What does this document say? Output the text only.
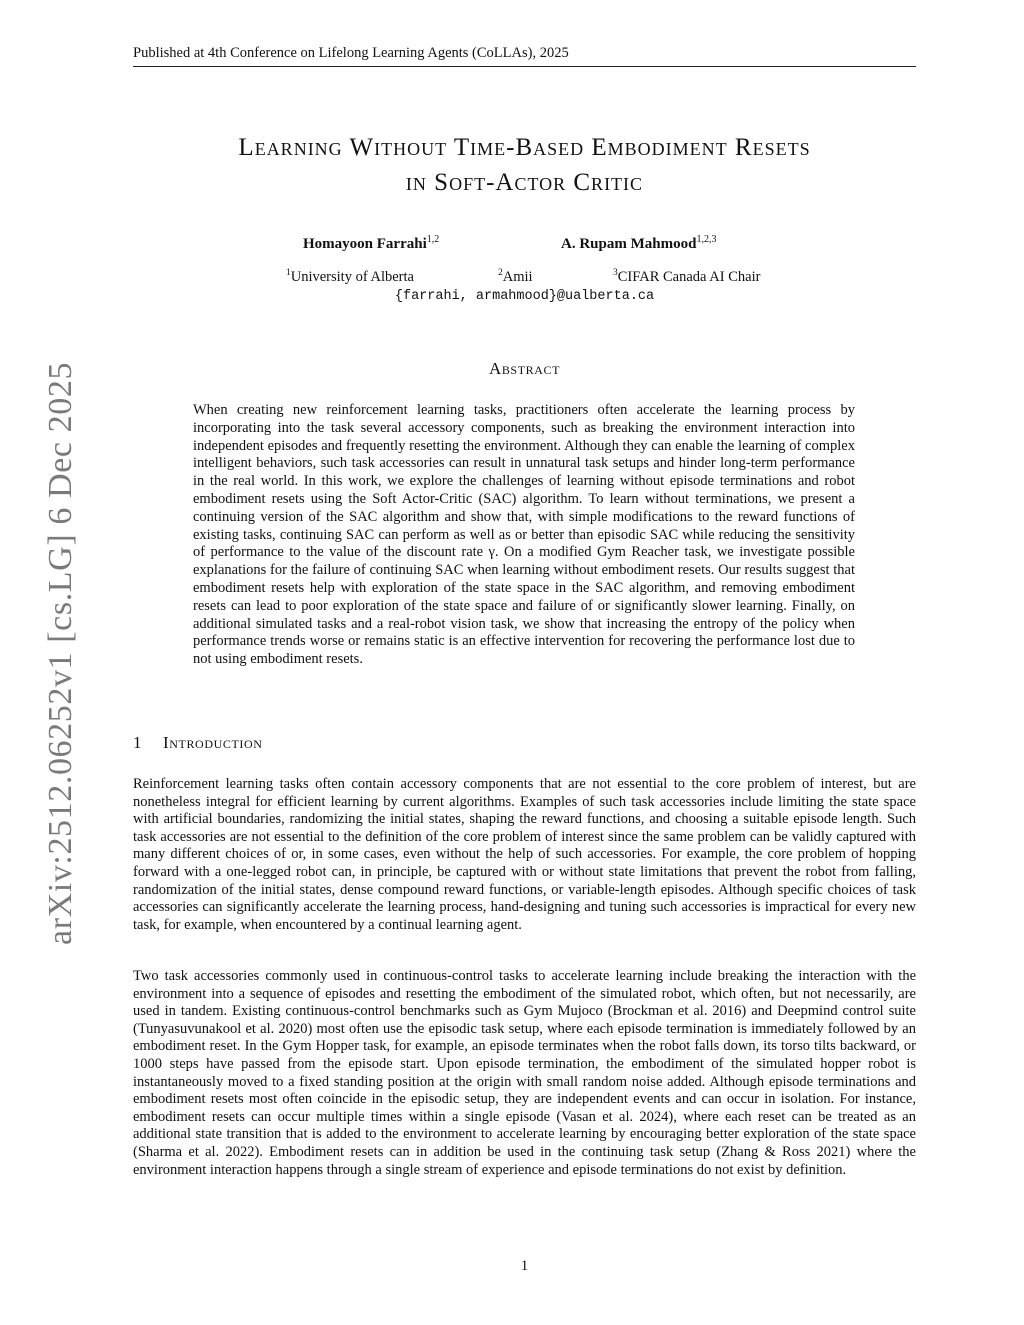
Published at 4th Conference on Lifelong Learning Agents (CoLLAs), 2025
arXiv:2512.06252v1 [cs.LG] 6 Dec 2025
Learning Without Time-Based Embodiment Resets
in Soft-Actor Critic
Homayoon Farrahi$^{1,2}$	A. Rupam Mahmood$^{1,2,3}$
$^1$University of Alberta	$^2$Amii	$^3$CIFAR Canada AI Chair
{farrahi, armahmood}@ualberta.ca
Abstract

When creating new reinforcement learning tasks, practitioners often accelerate the learning process by incorporating into the task several accessory components, such as breaking the environment interaction into independent episodes and frequently resetting the environment. Although they can enable the learning of complex intelligent behaviors, such task accessories can result in unnatural task setups and hinder long-term performance in the real world. In this work, we explore the challenges of learning without episode terminations and robot embodiment resets using the Soft Actor-Critic (SAC) algorithm. To learn without terminations, we present a continuing version of the SAC algorithm and show that, with simple modifications to the reward functions of existing tasks, continuing SAC can perform as well as or better than episodic SAC while reducing the sensitivity of performance to the value of the discount rate γ. On a modified Gym Reacher task, we investigate possible explanations for the failure of continuing SAC when learning without embodiment resets. Our results suggest that embodiment resets help with exploration of the state space in the SAC algorithm, and removing embodiment resets can lead to poor exploration of the state space and failure of or significantly slower learning. Finally, on additional simulated tasks and a real-robot vision task, we show that increasing the entropy of the policy when performance trends worse or remains static is an effective intervention for recovering the performance lost due to not using embodiment resets.

1 Introduction

Reinforcement learning tasks often contain accessory components that are not essential to the core problem of interest, but are nonetheless integral for efficient learning by current algorithms. Examples of such task accessories include limiting the state space with artificial boundaries, randomizing the initial states, shaping the reward functions, and choosing a suitable episode length. Such task accessories are not essential to the definition of the core problem of interest since the same problem can be validly captured with many different choices of or, in some cases, even without the help of such accessories. For example, the core problem of hopping forward with a one-legged robot can, in principle, be captured with or without state limitations that prevent the robot from falling, randomization of the initial states, dense compound reward functions, or variable-length episodes. Although specific choices of task accessories can significantly accelerate the learning process, hand-designing and tuning such accessories is impractical for every new task, for example, when encountered by a continual learning agent.

Two task accessories commonly used in continuous-control tasks to accelerate learning include breaking the interaction with the environment into a sequence of episodes and resetting the embodiment of the simulated robot, which often, but not necessarily, are used in tandem. Existing continuous-control benchmarks such as Gym Mujoco (Brockman et al. 2016) and Deepmind control suite (Tunyasuvunakool et al. 2020) most often use the episodic task setup, where each episode termination is immediately followed by an embodiment reset. In the Gym Hopper task, for example, an episode terminates when the robot falls down, its torso tilts backward, or 1000 steps have passed from the episode start. Upon episode termination, the embodiment of the simulated hopper robot is instantaneously moved to a fixed standing position at the origin with small random noise added. Although episode terminations and embodiment resets most often coincide in the episodic setup, they are independent events and can occur in isolation. For instance, embodiment resets can occur multiple times within a single episode (Vasan et al. 2024), where each reset can be treated as an additional state transition that is added to the environment to accelerate learning by encouraging better exploration of the state space (Sharma et al. 2022). Embodiment resets can in addition be used in the continuing task setup (Zhang & Ross 2021) where the environment interaction happens through a single stream of experience and episode terminations do not exist by definition.

1
